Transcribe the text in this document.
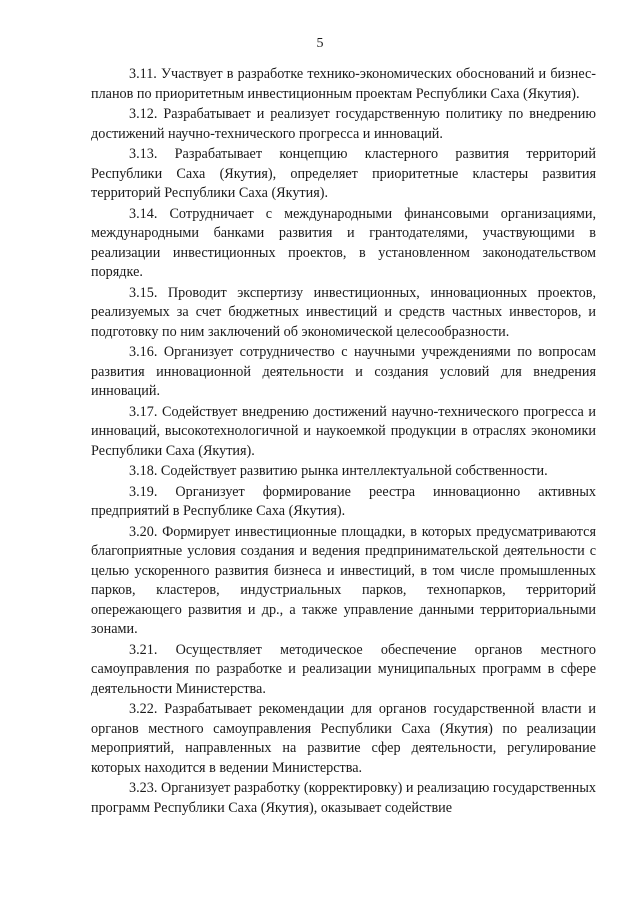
5

3.11. Участвует в разработке технико-экономических обоснований и бизнес-планов по приоритетным инвестиционным проектам Республики Саха (Якутия).

3.12. Разрабатывает и реализует государственную политику по внедрению достижений научно-технического прогресса и инноваций.

3.13. Разрабатывает концепцию кластерного развития территорий Республики Саха (Якутия), определяет приоритетные кластеры развития территорий Республики Саха (Якутия).

3.14. Сотрудничает с международными финансовыми организациями, международными банками развития и грантодателями, участвующими в реализации инвестиционных проектов, в установленном законодательством порядке.

3.15. Проводит экспертизу инвестиционных, инновационных проектов, реализуемых за счет бюджетных инвестиций и средств частных инвесторов, и подготовку по ним заключений об экономической целесообразности.

3.16. Организует сотрудничество с научными учреждениями по вопросам развития инновационной деятельности и создания условий для внедрения инноваций.

3.17. Содействует внедрению достижений научно-технического прогресса и инноваций, высокотехнологичной и наукоемкой продукции в отраслях экономики Республики Саха (Якутия).

3.18. Содействует развитию рынка интеллектуальной собственности.

3.19. Организует формирование реестра инновационно активных предприятий в Республике Саха (Якутия).

3.20. Формирует инвестиционные площадки, в которых предусматриваются благоприятные условия создания и ведения предпринимательской деятельности с целью ускоренного развития бизнеса и инвестиций, в том числе промышленных парков, кластеров, индустриальных парков, технопарков, территорий опережающего развития и др., а также управление данными территориальными зонами.

3.21. Осуществляет методическое обеспечение органов местного самоуправления по разработке и реализации муниципальных программ в сфере деятельности Министерства.

3.22. Разрабатывает рекомендации для органов государственной власти и органов местного самоуправления Республики Саха (Якутия) по реализации мероприятий, направленных на развитие сфер деятельности, регулирование которых находится в ведении Министерства.

3.23. Организует разработку (корректировку) и реализацию государственных программ Республики Саха (Якутия), оказывает содействие
